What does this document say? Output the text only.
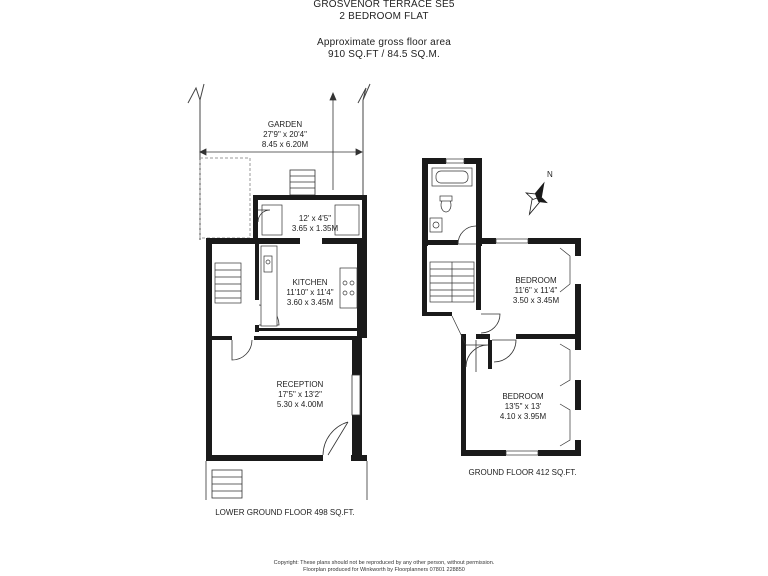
GROSVENOR TERRACE SE5
2 BEDROOM FLAT
Approximate gross floor area
910 SQ.FT / 84.5 SQ.M.
N
GARDEN
27'9" x 20'4"
8.45 x 6.20M
12' x 4'5"
3.65 x 1.35M
KITCHEN
11'10" x 11'4"
3.60 x 3.45M
RECEPTION
17'5" x 13'2"
5.30 x 4.00M
LOWER GROUND FLOOR 498 SQ.FT.
BEDROOM
11'6" x 11'4"
3.50 x 3.45M
BEDROOM
13'5" x 13'
4.10 x 3.95M
GROUND FLOOR 412 SQ.FT.
Copyright: These plans should not be reproduced by any other person, without permission.
Floorplan produced for Winkworth by Floorplanners 07801 228850
